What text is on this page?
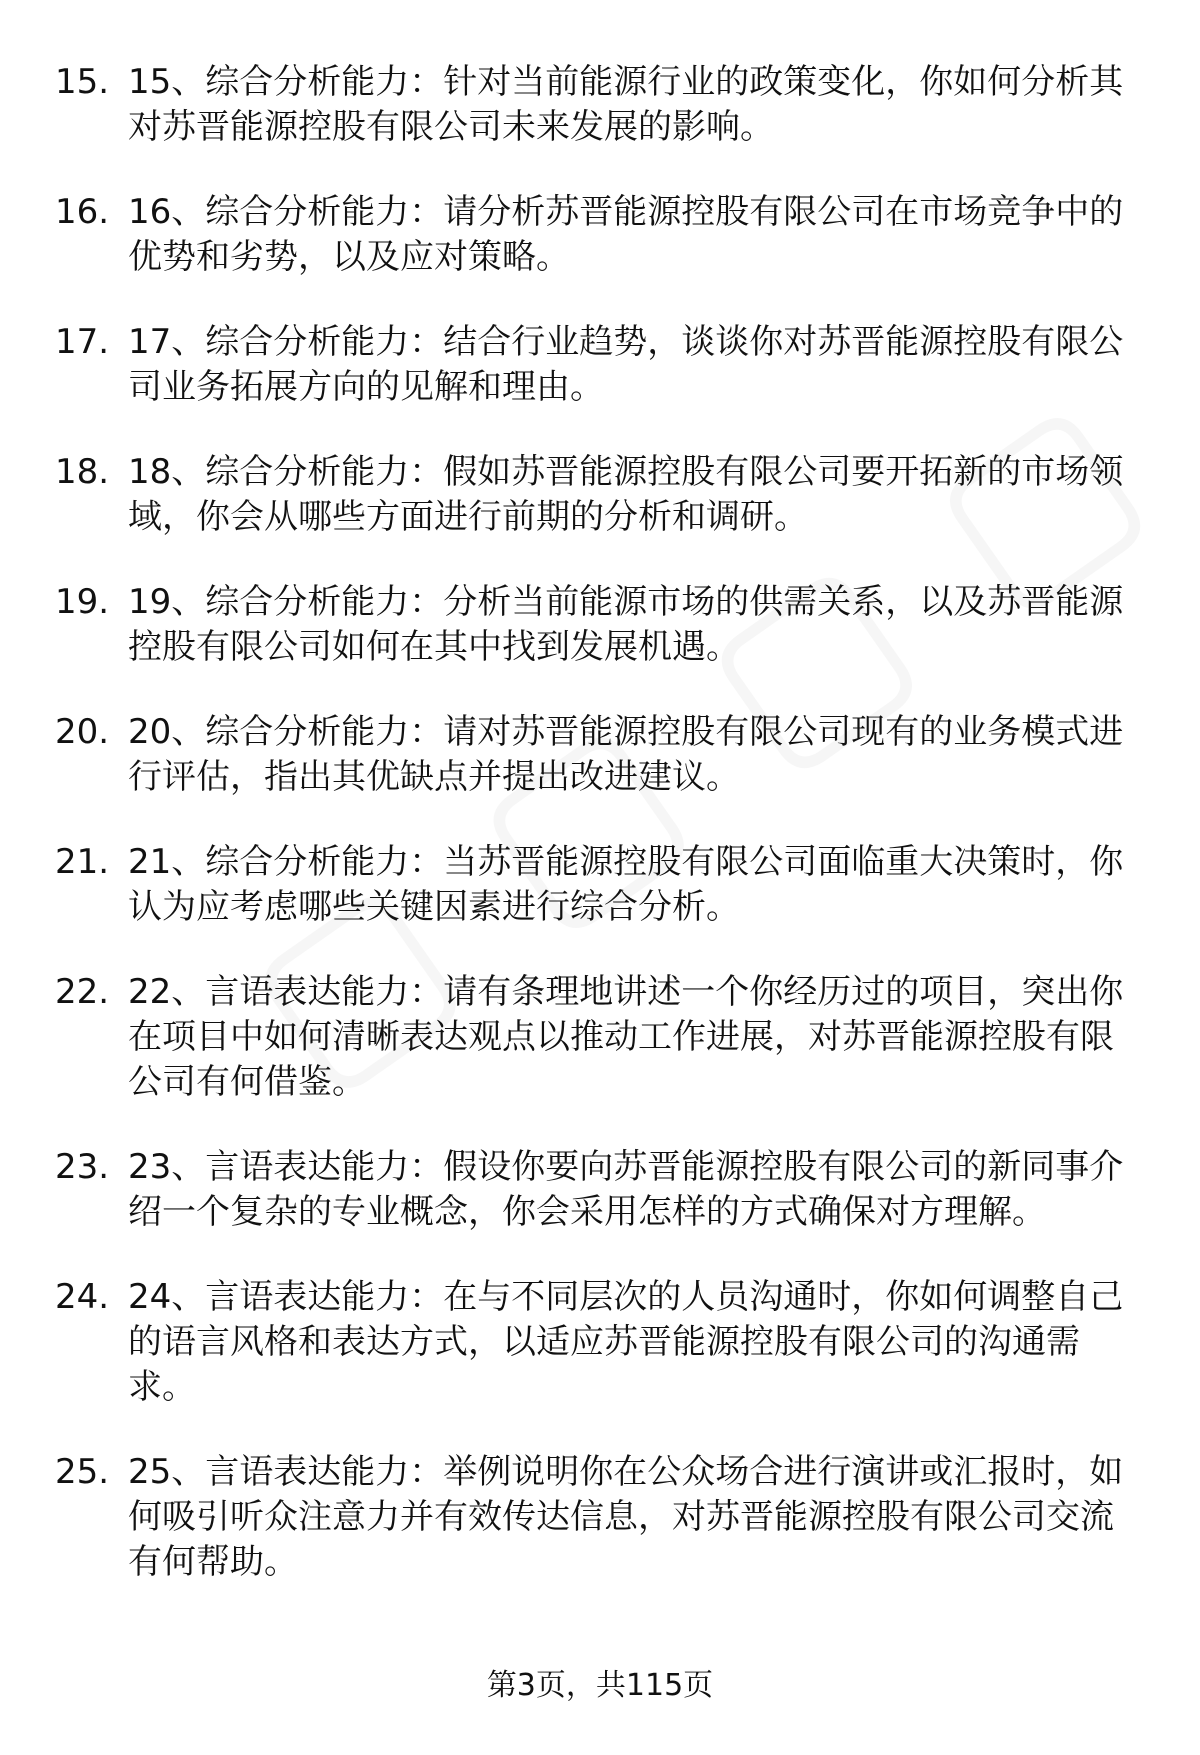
15. 15、综合分析能力：针对当前能源行业的政策变化，你如何分析其对苏晋能源控股有限公司未来发展的影响。
16. 16、综合分析能力：请分析苏晋能源控股有限公司在市场竞争中的优势和劣势，以及应对策略。
17. 17、综合分析能力：结合行业趋势，谈谈你对苏晋能源控股有限公司业务拓展方向的见解和理由。
18. 18、综合分析能力：假如苏晋能源控股有限公司要开拓新的市场领域，你会从哪些方面进行前期的分析和调研。
19. 19、综合分析能力：分析当前能源市场的供需关系，以及苏晋能源控股有限公司如何在其中找到发展机遇。
20. 20、综合分析能力：请对苏晋能源控股有限公司现有的业务模式进行评估，指出其优缺点并提出改进建议。
21. 21、综合分析能力：当苏晋能源控股有限公司面临重大决策时，你认为应考虑哪些关键因素进行综合分析。
22. 22、言语表达能力：请有条理地讲述一个你经历过的项目，突出你在项目中如何清晰表达观点以推动工作进展，对苏晋能源控股有限公司有何借鉴。
23. 23、言语表达能力：假设你要向苏晋能源控股有限公司的新同事介绍一个复杂的专业概念，你会采用怎样的方式确保对方理解。
24. 24、言语表达能力：在与不同层次的人员沟通时，你如何调整自己的语言风格和表达方式，以适应苏晋能源控股有限公司的沟通需求。
25. 25、言语表达能力：举例说明你在公众场合进行演讲或汇报时，如何吸引听众注意力并有效传达信息，对苏晋能源控股有限公司交流有何帮助。
第3页，共115页
